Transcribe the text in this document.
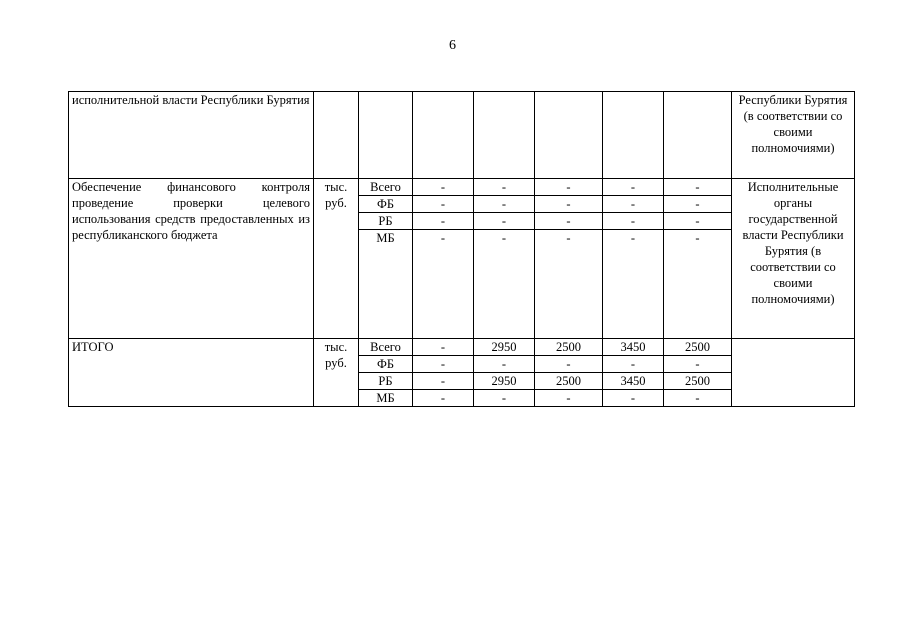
6
исполнительной власти Республики Бурятия								Республики Бурятия (в соответствии со своими полномочиями)
Обеспечение финансового контроля проведение проверки целевого использования средств предоставленных из республиканского бюджета	тыс. руб.	Всего	-	-	-	-	-	Исполнительные органы государственной власти Республики Бурятия (в соответствии со своими полномочиями)
		ФБ	-	-	-	-	-	
		РБ	-	-	-	-	-	
		МБ	-	-	-	-	-	
ИТОГО	тыс. руб.	Всего	-	2950	2500	3450	2500	
		ФБ	-	-	-	-	-	
		РБ	-	2950	2500	3450	2500	
		МБ	-	-	-	-	-	
